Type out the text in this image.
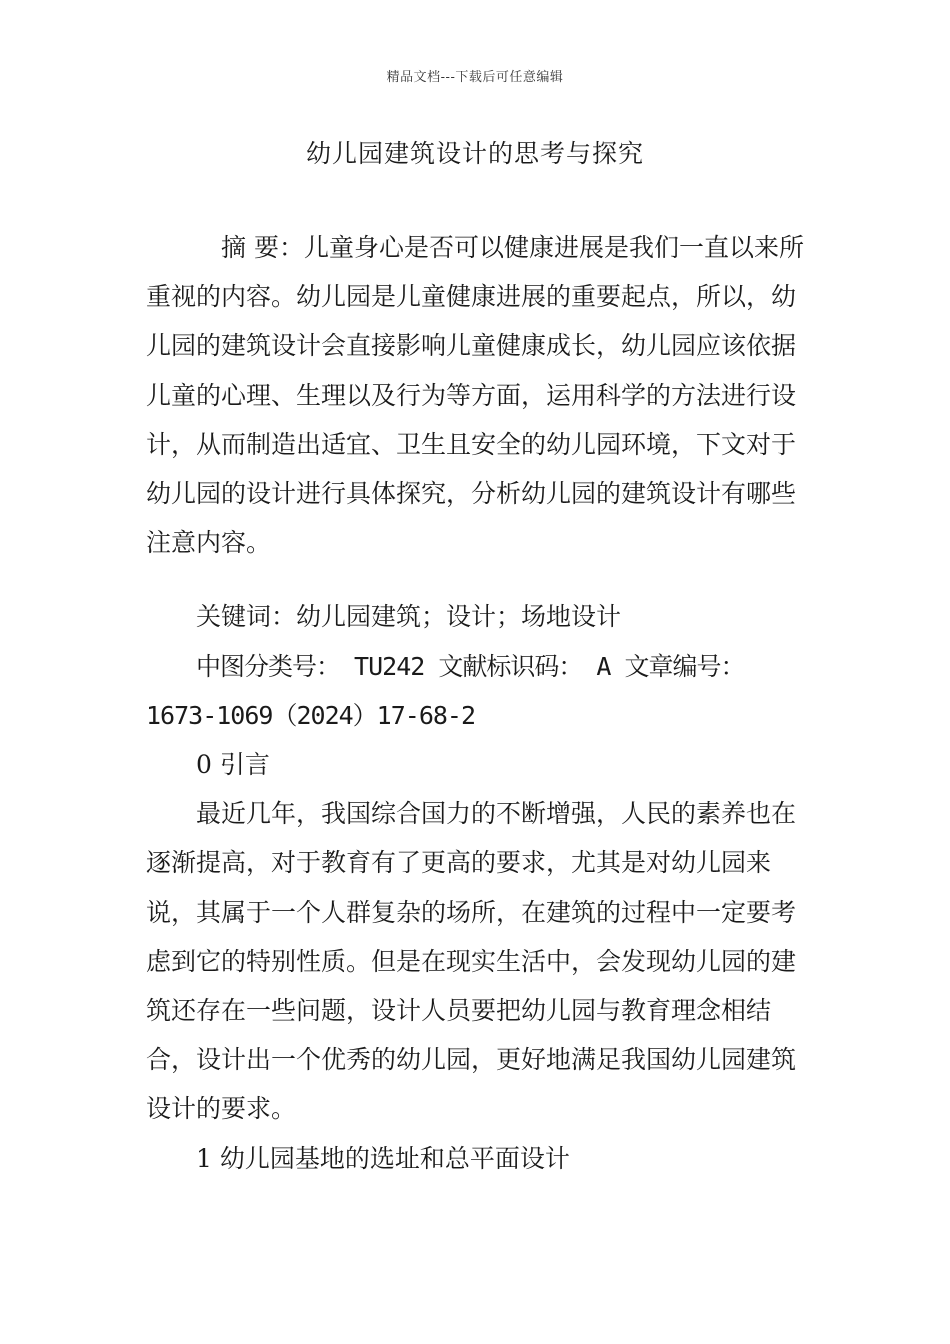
精品文档---下载后可任意编辑
幼儿园建筑设计的思考与探究

摘 要：儿童身心是否可以健康进展是我们一直以来所重视的内容。幼儿园是儿童健康进展的重要起点，所以，幼儿园的建筑设计会直接影响儿童健康成长，幼儿园应该依据儿童的心理、生理以及行为等方面，运用科学的方法进行设计，从而制造出适宜、卫生且安全的幼儿园环境，下文对于幼儿园的设计进行具体探究，分析幼儿园的建筑设计有哪些注意内容。

关键词：幼儿园建筑；设计；场地设计

中图分类号： TU242 文献标识码： A 文章编号：1673-1069（2024）17-68-2

0 引言

最近几年，我国综合国力的不断增强，人民的素养也在逐渐提高，对于教育有了更高的要求，尤其是对幼儿园来说，其属于一个人群复杂的场所，在建筑的过程中一定要考虑到它的特别性质。但是在现实生活中，会发现幼儿园的建筑还存在一些问题，设计人员要把幼儿园与教育理念相结合，设计出一个优秀的幼儿园，更好地满足我国幼儿园建筑设计的要求。

1 幼儿园基地的选址和总平面设计
